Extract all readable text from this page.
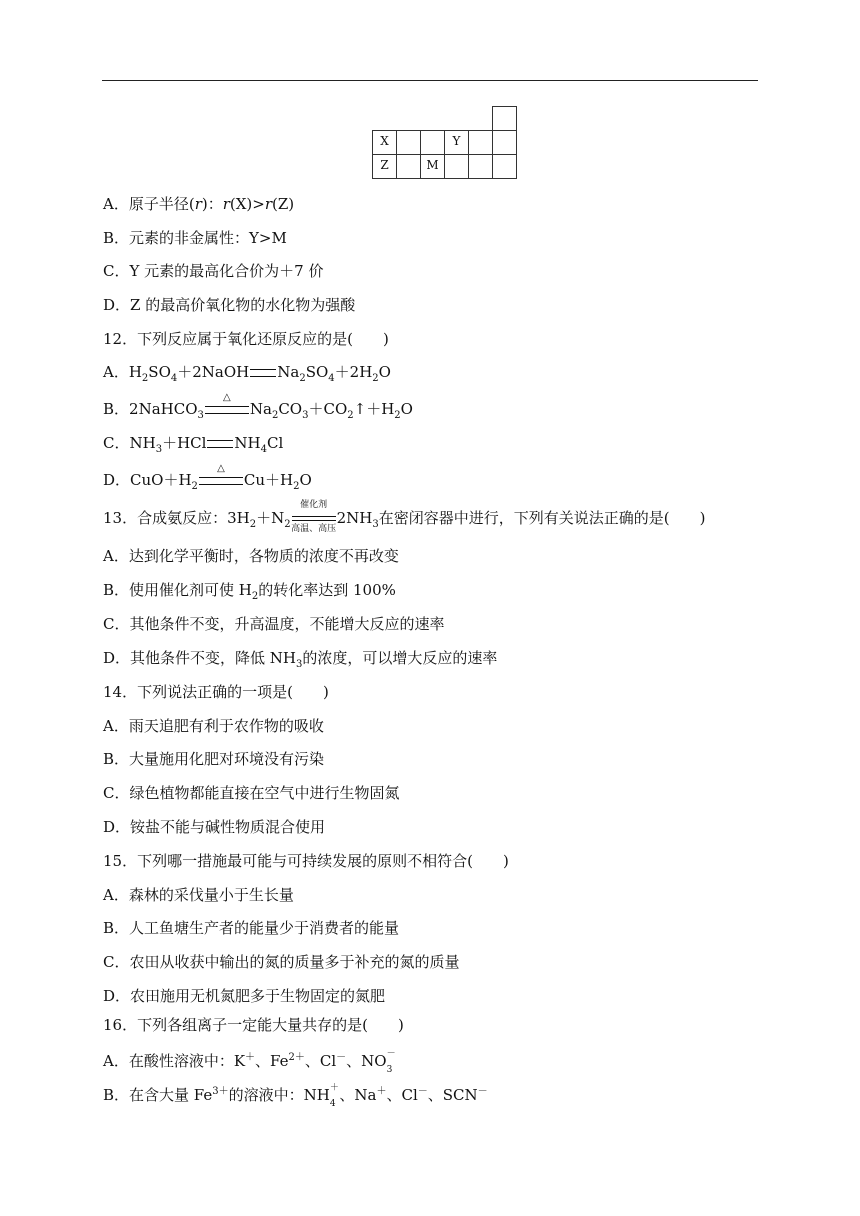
X	Y
Z	M
A．原子半径(r)：r(X)>r(Z)
B．元素的非金属性：Y>M
C．Y 元素的最高化合价为＋7 价
D．Z 的最高价氧化物的水化物为强酸
12．下列反应属于氧化还原反应的是(　　)
A．$H_2SO_4+2NaOH$ $Na_2SO_4+2H_2O$
B．2NaHCO$_3$
△
$Na_2CO_3+CO_2↑+H_2O$
C．$NH_3+HCl$ $NH_4Cl$
D．$CuO+H_2$
△
$Cu+H_2O$
13．合成氨反应：$3H_2+N_2$
催化剂
高温、高压
$2NH_3$在密闭容器中进行，下列有关说法正确的是(　　)
A．达到化学平衡时，各物质的浓度不再改变
B．使用催化剂可使 $H_2$的转化率达到 100%
C．其他条件不变，升高温度，不能增大反应的速率
D．其他条件不变，降低 $NH_3$的浓度，可以增大反应的速率
14．下列说法正确的一项是(　　)
A．雨天追肥有利于农作物的吸收
B．大量施用化肥对环境没有污染
C．绿色植物都能直接在空气中进行生物固氮
D．铵盐不能与碱性物质混合使用
15．下列哪一措施最可能与可持续发展的原则不相符合(　　)
A．森林的采伐量小于生长量
B．人工鱼塘生产者的能量少于消费者的能量
C．农田从收获中输出的氮的质量多于补充的氮的质量
D．农田施用无机氮肥多于生物固定的氮肥
16．下列各组离子一定能大量共存的是(　　)
A．在酸性溶液中：K＋、$Fe^{2+}$、Cl－、NO －
3

B．在含大量 $Fe^{3+}$的溶液中：NH ＋
4 、Na＋、Cl－、SCN－
